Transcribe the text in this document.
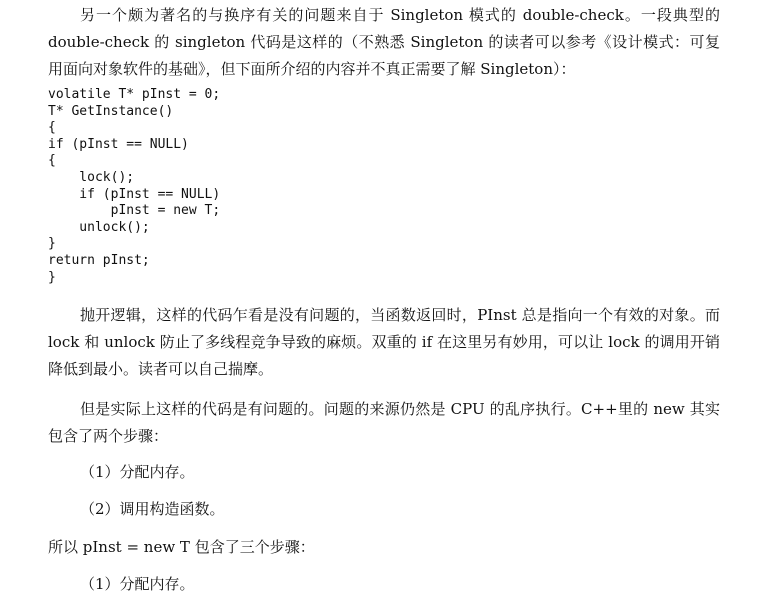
另一个颇为著名的与换序有关的问题来自于 Singleton 模式的 double-check。一段典型的 double-check 的 singleton 代码是这样的（不熟悉 Singleton 的读者可以参考《设计模式：可复用面向对象软件的基础》，但下面所介绍的内容并不真正需要了解 Singleton）：

volatile T* pInst = 0;
T* GetInstance()
{
if (pInst == NULL)
{
lock();
if (pInst == NULL)
pInst = new T;
unlock();
}
return pInst;
}

抛开逻辑，这样的代码乍看是没有问题的，当函数返回时，PInst 总是指向一个有效的对象。而 lock 和 unlock 防止了多线程竞争导致的麻烦。双重的 if 在这里另有妙用，可以让 lock 的调用开销降低到最小。读者可以自己揣摩。

但是实际上这样的代码是有问题的。问题的来源仍然是 CPU 的乱序执行。C++里的 new 其实包含了两个步骤：

（1）分配内存。

（2）调用构造函数。

所以 pInst = new T 包含了三个步骤：

（1）分配内存。
